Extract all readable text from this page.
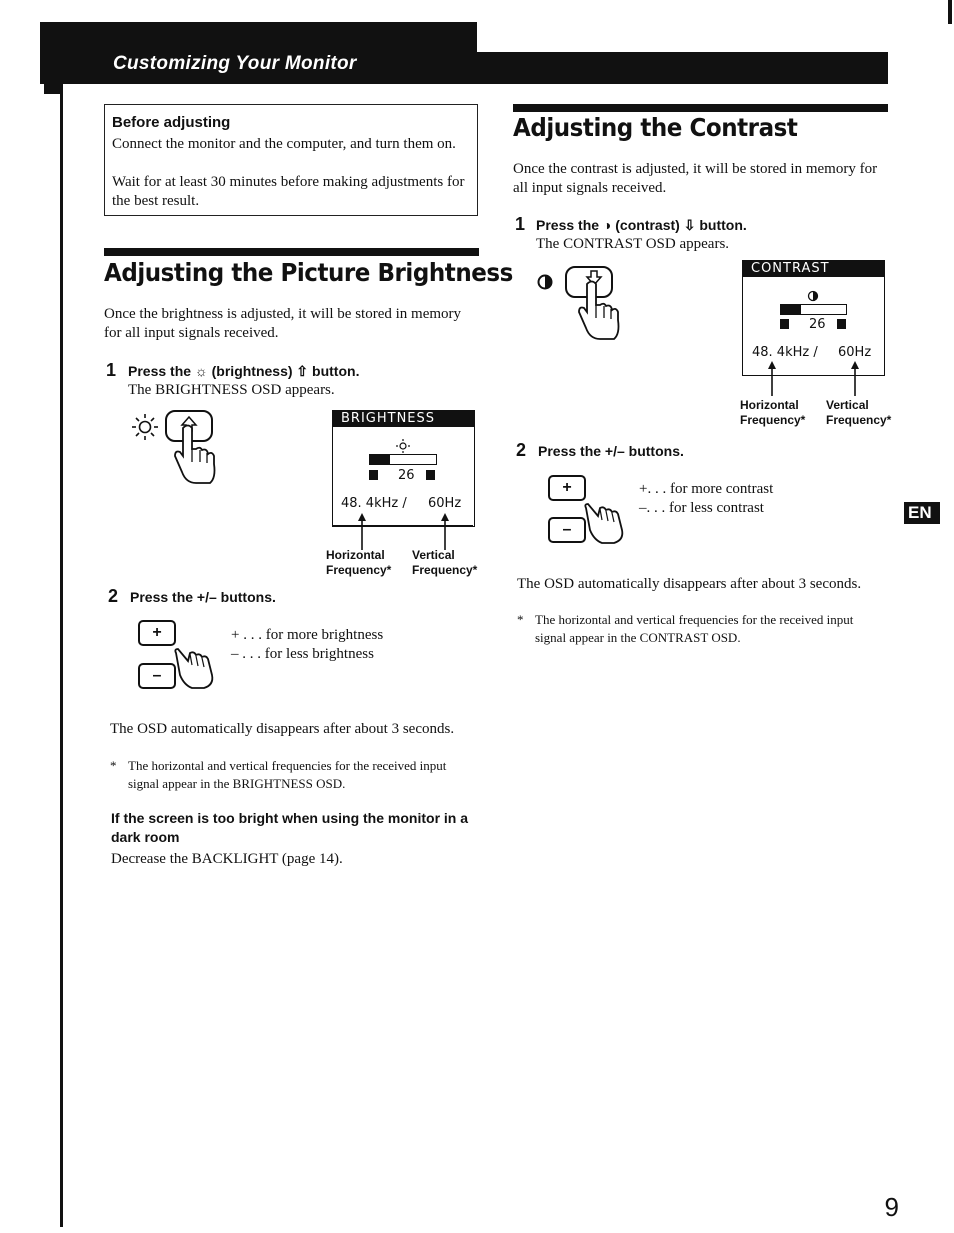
Customizing Your Monitor
Before adjusting
Connect the monitor and the computer, and turn them on.
Wait for at least 30 minutes before making adjustments for the best result.
Adjusting the Picture Brightness
Once the brightness is adjusted, it will be stored in memory for all input signals received.
1 Press the ☼ (brightness) ⇧ button.
The BRIGHTNESS OSD appears.
BRIGHTNESS
26
48. 4kHz / 60Hz
Horizontal
Frequency*
Vertical
Frequency*
2 Press the +/– buttons.
+
–
+ . . . for more brightness
– . . . for less brightness
The OSD automatically disappears after about 3 seconds.
* The horizontal and vertical frequencies for the received input signal appear in the BRIGHTNESS OSD.
If the screen is too bright when using the monitor in a dark room
Decrease the BACKLIGHT (page 14).
Adjusting the Contrast
Once the contrast is adjusted, it will be stored in memory for all input signals received.
1 Press the ◑ (contrast) ⇩ button.
The CONTRAST OSD appears.
CONTRAST
26
48. 4kHz / 60Hz
Horizontal
Frequency*
Vertical
Frequency*
2 Press the +/– buttons.
+
–
+. . . for more contrast
–. . . for less contrast
The OSD automatically disappears after about 3 seconds.
* The horizontal and vertical frequencies for the received input signal appear in the CONTRAST OSD.
EN
9
